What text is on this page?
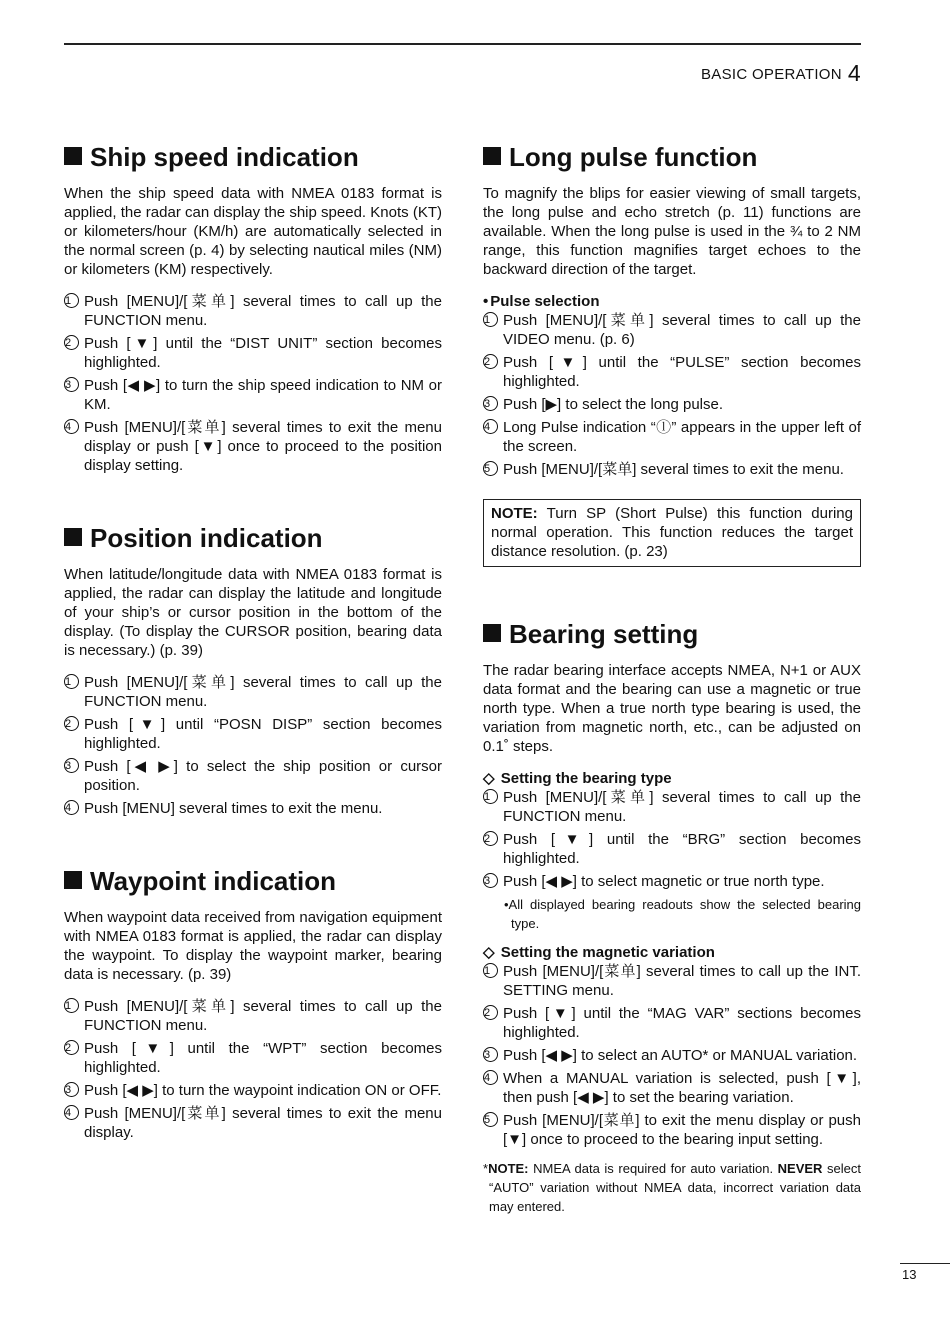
BASIC OPERATION 4
Ship speed indication

When the ship speed data with NMEA 0183 format is applied, the radar can display the ship speed. Knots (KT) or kilometers/hour (KM/h) are automatically selected in the normal screen (p. 4) by selecting nautical miles (NM) or kilometers (KM) respectively.

1 Push [MENU]/[菜单] several times to call up the FUNCTION menu.
2 Push [▼] until the “DIST UNIT” section becomes highlighted.
3 Push [◀ ▶] to turn the ship speed indication to NM or KM.
4 Push [MENU]/[菜单] several times to exit the menu display or push [▼] once to proceed to the position display setting.
Position indication

When latitude/longitude data with NMEA 0183 format is applied, the radar can display the latitude and longitude of your ship’s or cursor position in the bottom of the display. (To display the CURSOR position, bearing data is necessary.) (p. 39)

1 Push [MENU]/[菜单] several times to call up the FUNCTION menu.
2 Push [▼] until “POSN DISP” section becomes highlighted.
3 Push [◀ ▶] to select the ship position or cursor position.
4 Push [MENU] several times to exit the menu.
Waypoint indication

When waypoint data received from navigation equipment with NMEA 0183 format is applied, the radar can display the waypoint. To display the waypoint marker, bearing data is necessary. (p. 39)

1 Push [MENU]/[菜单] several times to call up the FUNCTION menu.
2 Push [▼] until the “WPT” section becomes highlighted.
3 Push [◀ ▶] to turn the waypoint indication ON or OFF.
4 Push [MENU]/[菜单] several times to exit the menu display.
Long pulse function

To magnify the blips for easier viewing of small targets, the long pulse and echo stretch (p. 11) functions are available. When the long pulse is used in the ¾ to 2 NM range, this function magnifies target echoes to the backward direction of the target.

• Pulse selection

1 Push [MENU]/[菜单] several times to call up the VIDEO menu. (p. 6)
2 Push [▼] until the “PULSE” section becomes highlighted.
3 Push [▶] to select the long pulse.
4 Long Pulse indication “ⓛ” appears in the upper left of the screen.
5 Push [MENU]/[菜单] several times to exit the menu.
NOTE: Turn SP (Short Pulse) this function during normal operation. This function reduces the target distance resolution. (p. 23)
Bearing setting

The radar bearing interface accepts NMEA, N+1 or AUX data format and the bearing can use a magnetic or true north type. When a true north type bearing is used, the variation from magnetic north, etc., can be adjusted on 0.1˚ steps.

◇ Setting the bearing type

1 Push [MENU]/[菜单] several times to call up the FUNCTION menu.
2 Push [▼] until the “BRG” section becomes highlighted.
3 Push [◀ ▶] to select magnetic or true north type.

•All displayed bearing readouts show the selected bearing type.

◇ Setting the magnetic variation

1 Push [MENU]/[菜单] several times to call up the INT. SETTING menu.
2 Push [▼] until the “MAG VAR” sections becomes highlighted.
3 Push [◀ ▶] to select an AUTO* or MANUAL variation.
4 When a MANUAL variation is selected, push [▼], then push [◀ ▶] to set the bearing variation.
5 Push [MENU]/[菜单] to exit the menu display or push [▼] once to proceed to the bearing input setting.

*NOTE: NMEA data is required for auto variation. NEVER select “AUTO” variation without NMEA data, incorrect variation data may entered.

13
